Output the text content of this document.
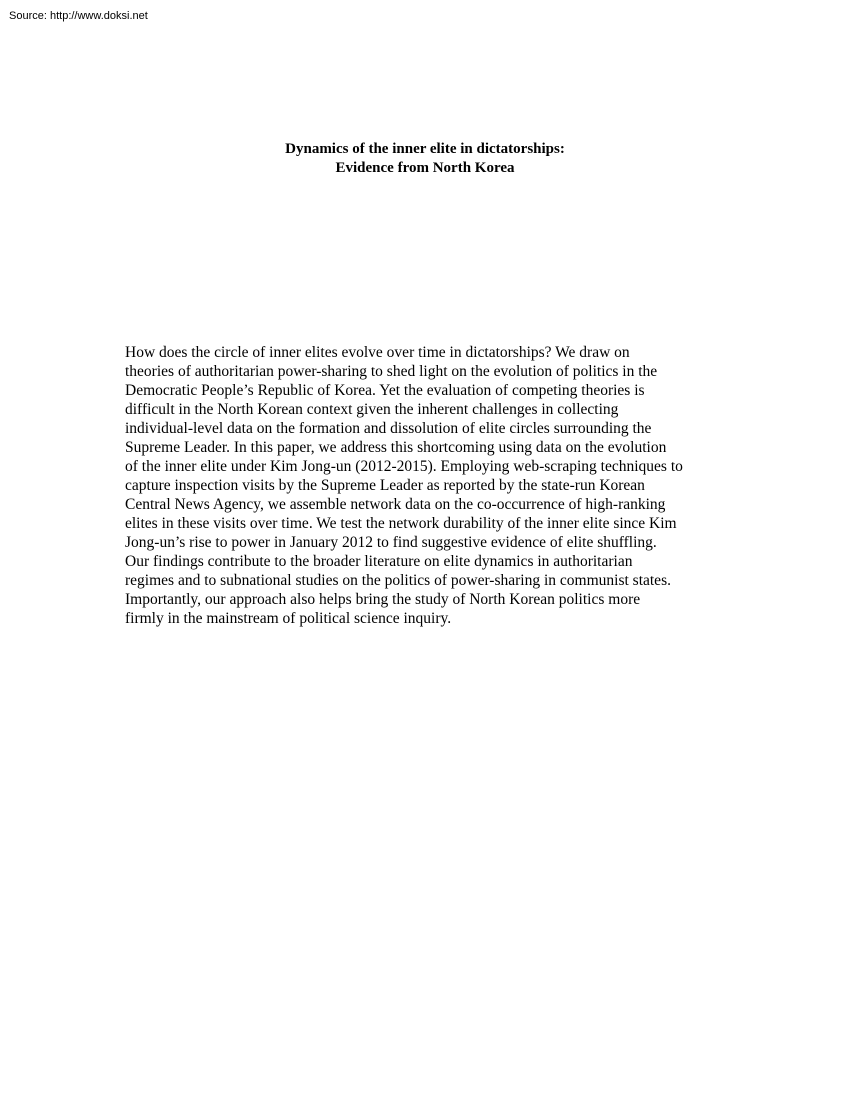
Source: http://www.doksi.net
Dynamics of the inner elite in dictatorships:
Evidence from North Korea
How does the circle of inner elites evolve over time in dictatorships? We draw on
theories of authoritarian power-sharing to shed light on the evolution of politics in the
Democratic People’s Republic of Korea. Yet the evaluation of competing theories is
difficult in the North Korean context given the inherent challenges in collecting
individual-level data on the formation and dissolution of elite circles surrounding the
Supreme Leader. In this paper, we address this shortcoming using data on the evolution
of the inner elite under Kim Jong-un (2012-2015). Employing web-scraping techniques to
capture inspection visits by the Supreme Leader as reported by the state-run Korean
Central News Agency, we assemble network data on the co-occurrence of high-ranking
elites in these visits over time. We test the network durability of the inner elite since Kim
Jong-un’s rise to power in January 2012 to find suggestive evidence of elite shuffling.
Our findings contribute to the broader literature on elite dynamics in authoritarian
regimes and to subnational studies on the politics of power-sharing in communist states.
Importantly, our approach also helps bring the study of North Korean politics more
firmly in the mainstream of political science inquiry.
